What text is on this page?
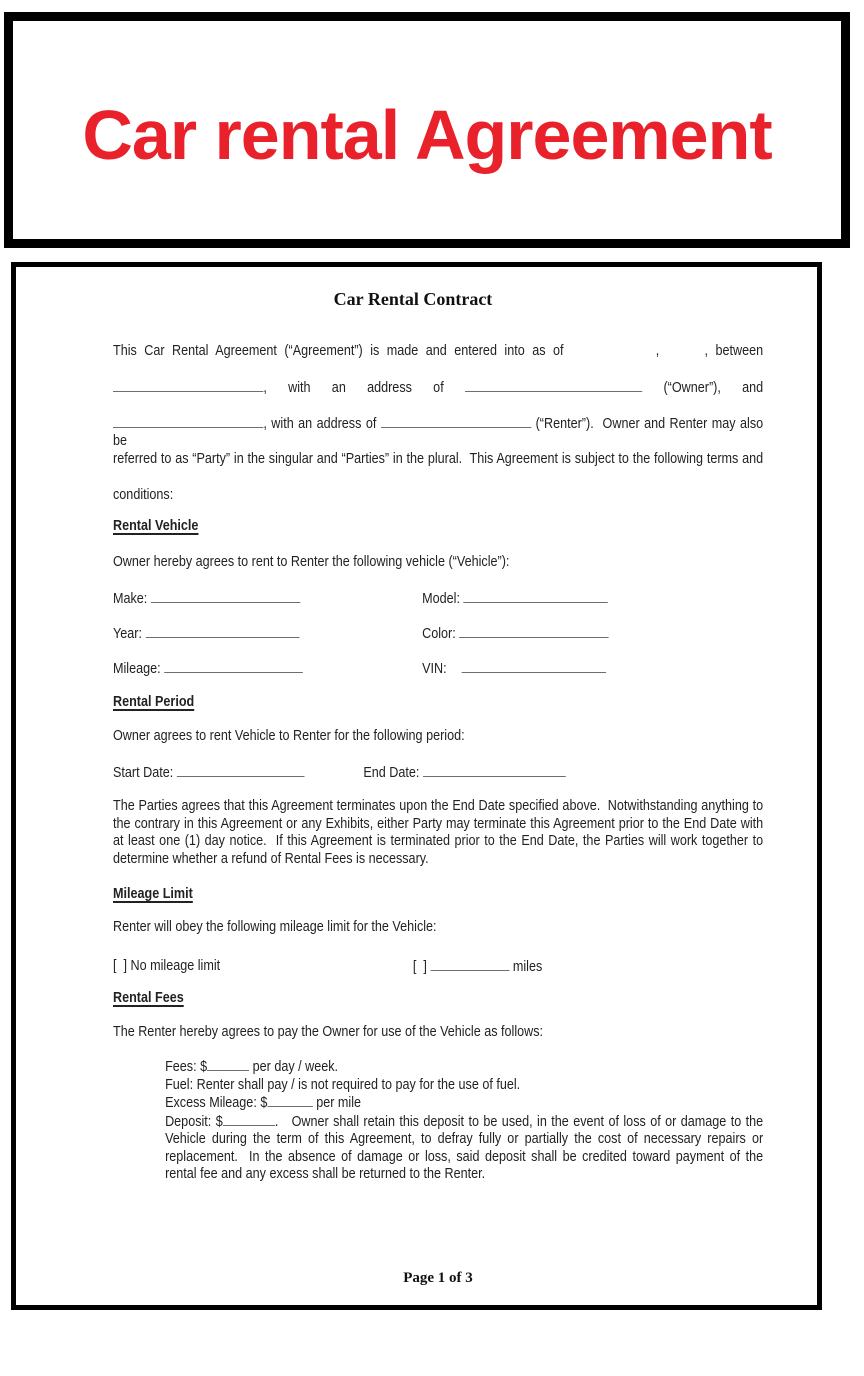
Car rental Agreement
Car Rental Contract
This Car Rental Agreement (“Agreement”) is made and entered into as of	,	, between
, with an address of	(“Owner”), and
, with an address of	(“Renter”).  Owner and Renter may also be
referred to as “Party” in the singular and “Parties” in the plural.  This Agreement is subject to the following terms and
conditions:
Rental Vehicle
Owner hereby agrees to rent to Renter the following vehicle (“Vehicle”):
Make:	Model:
Year:	Color:
Mileage:	VIN:
Rental Period
Owner agrees to rent Vehicle to Renter for the following period:
Start Date:	End Date:
The Parties agrees that this Agreement terminates upon the End Date specified above.  Notwithstanding anything to the contrary in this Agreement or any Exhibits, either Party may terminate this Agreement prior to the End Date with at least one (1) day notice.  If this Agreement is terminated prior to the End Date, the Parties will work together to determine whether a refund of Rental Fees is necessary.
Mileage Limit
Renter will obey the following mileage limit for the Vehicle:
[  ] No mileage limit	[  ]	miles
Rental Fees
The Renter hereby agrees to pay the Owner for use of the Vehicle as follows:
Fees: $	per day / week.
Fuel: Renter shall pay / is not required to pay for the use of fuel.
Excess Mileage: $	per mile
Deposit: $	.   Owner shall retain this deposit to be used, in the event of loss of or damage to the Vehicle during the term of this Agreement, to defray fully or partially the cost of necessary repairs or replacement.  In the absence of damage or loss, said deposit shall be credited toward payment of the rental fee and any excess shall be returned to the Renter.
Page 1 of 3
